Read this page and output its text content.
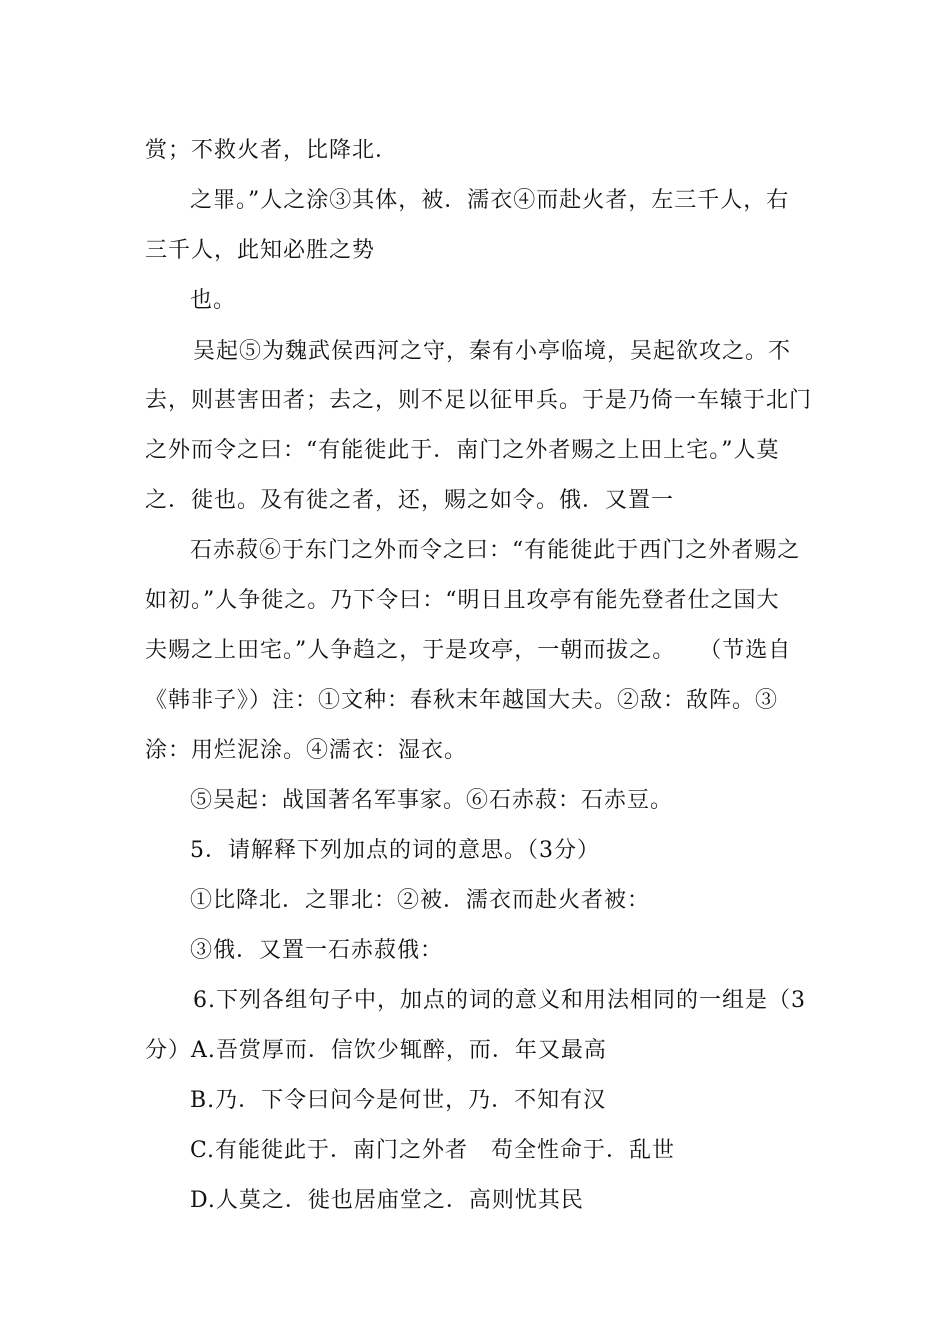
赏；不救火者，比降北．
之罪。”人之涂③其体，被．濡衣④而赴火者，左三千人，右
三千人，此知必胜之势
也。
吴起⑤为魏武侯西河之守，秦有小亭临境，吴起欲攻之。不
去，则甚害田者；去之，则不足以征甲兵。于是乃倚一车辕于北门
之外而令之曰：“有能徙此于．南门之外者赐之上田上宅。”人莫
之．徙也。及有徙之者，还，赐之如令。俄．又置一
石赤菽⑥于东门之外而令之曰：“有能徙此于西门之外者赐之
如初。”人争徙之。乃下令曰：“明日且攻亭有能先登者仕之国大
夫赐之上田宅。”人争趋之，于是攻亭，一朝而拔之。　　（节选自
《韩非子》）注：①文种：春秋末年越国大夫。②敌：敌阵。③
涂：用烂泥涂。④濡衣：湿衣。
⑤吴起：战国著名军事家。⑥石赤菽：石赤豆。
5．请解释下列加点的词的意思。（3分）
①比降北．之罪北：②被．濡衣而赴火者被：
③俄．又置一石赤菽俄：
6.下列各组句子中，加点的词的意义和用法相同的一组是（3
分）A.吾赏厚而．信饮少辄醉，而．年又最高
B.乃．下令曰问今是何世，乃．不知有汉
C.有能徙此于．南门之外者　苟全性命于．乱世
D.人莫之．徙也居庙堂之．高则忧其民
